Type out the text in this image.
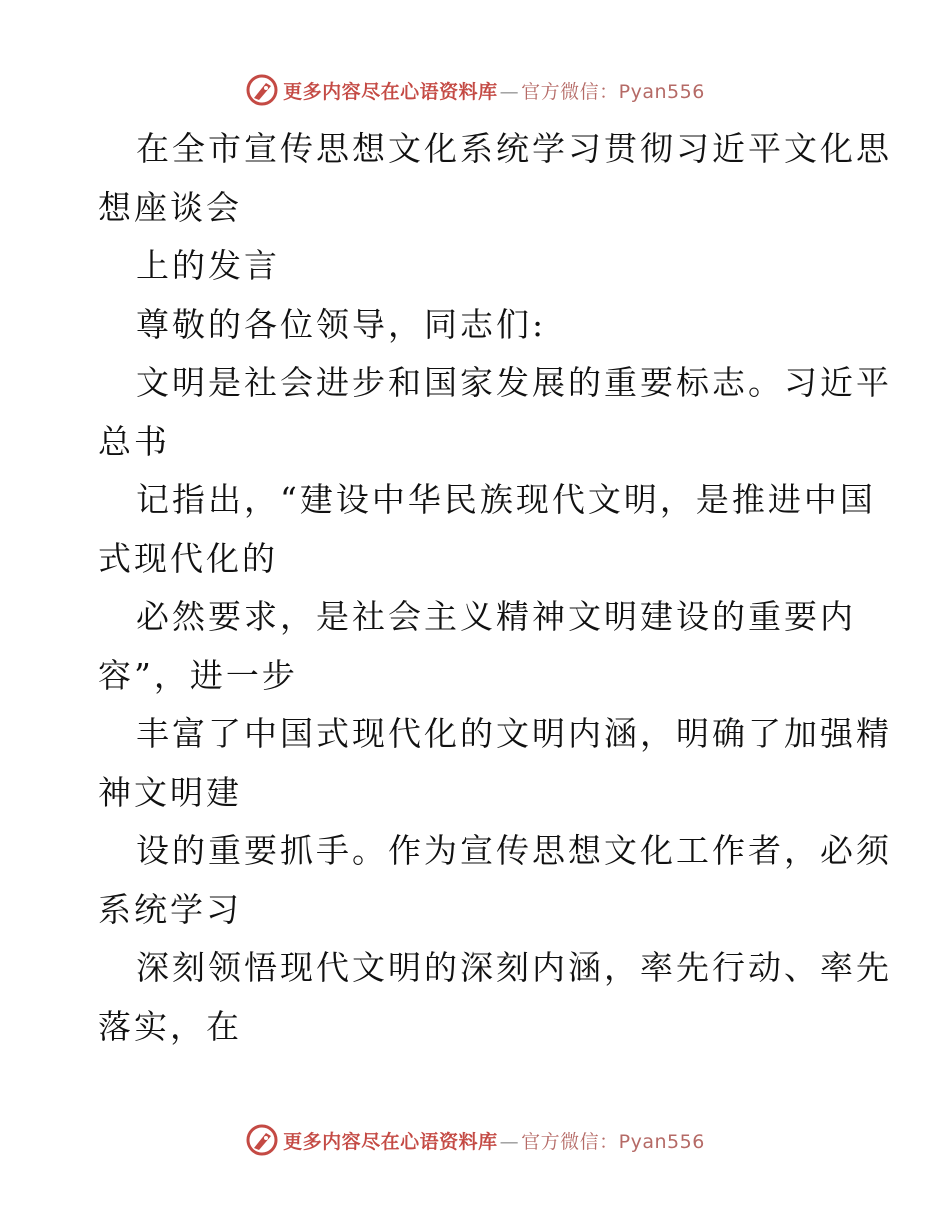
更多内容尽在心语资料库 — 官方微信：Pyan556
在全市宣传思想文化系统学习贯彻习近平文化思
想座谈会
上的发言
尊敬的各位领导，同志们:
文明是社会进步和国家发展的重要标志。习近平
总书
记指出，“建设中华民族现代文明，是推进中国
式现代化的
必然要求，是社会主义精神文明建设的重要内
容”，进一步
丰富了中国式现代化的文明内涵，明确了加强精
神文明建
设的重要抓手。作为宣传思想文化工作者，必须
系统学习
深刻领悟现代文明的深刻内涵，率先行动、率先
落实，在
更多内容尽在心语资料库 — 官方微信：Pyan556
